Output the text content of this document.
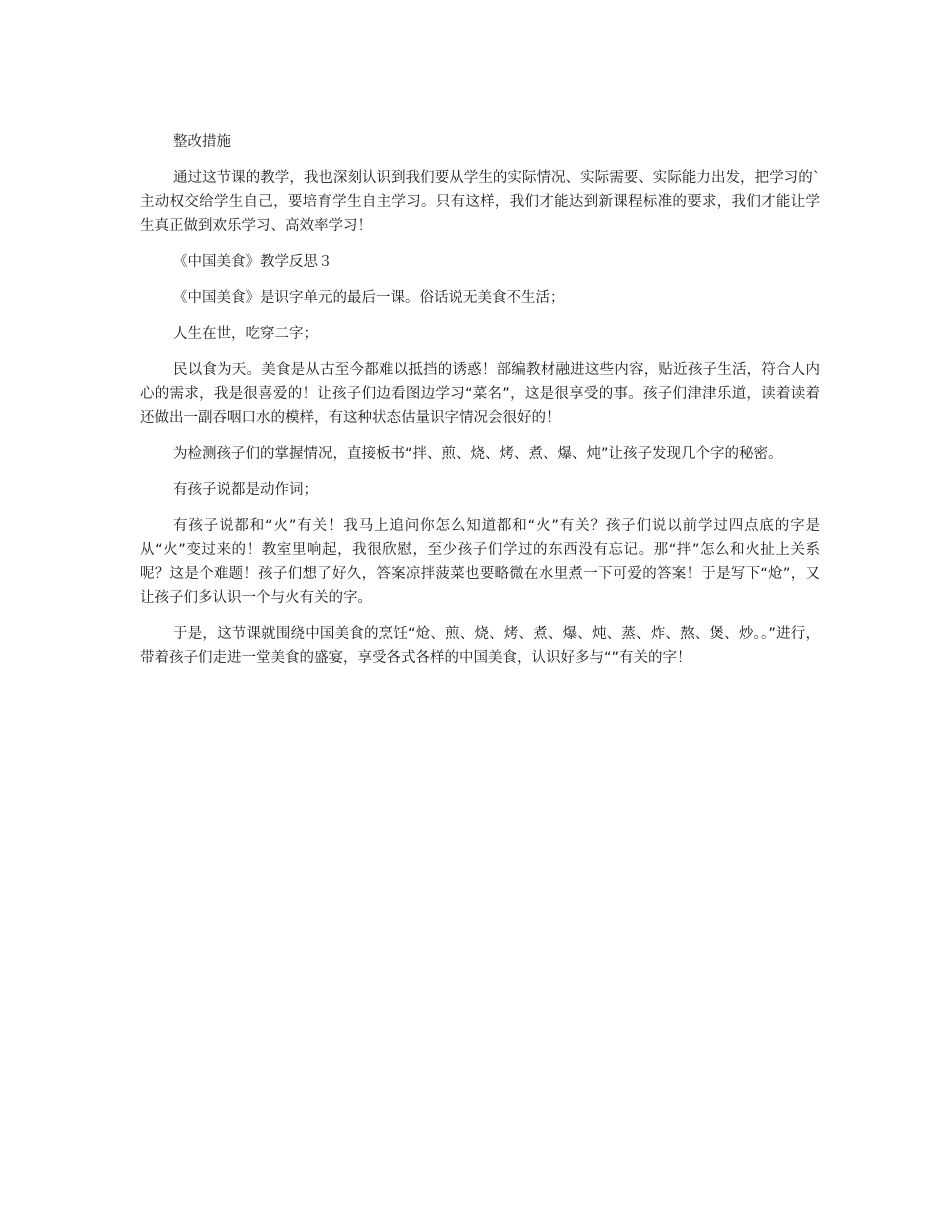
整改措施

通过这节课的教学，我也深刻认识到我们要从学生的实际情况、实际需要、实际能力出发，把学习的`主动权交给学生自己，要培育学生自主学习。只有这样，我们才能达到新课程标准的要求，我们才能让学生真正做到欢乐学习、高效率学习！

《中国美食》教学反思３

《中国美食》是识字单元的最后一课。俗话说无美食不生活；

人生在世，吃穿二字；

民以食为天。美食是从古至今都难以抵挡的诱惑！部编教材融进这些内容，贴近孩子生活，符合人内心的需求，我是很喜爱的！让孩子们边看图边学习“菜名”，这是很享受的事。孩子们津津乐道，读着读着还做出一副吞咽口水的模样，有这种状态估量识字情况会很好的！

为检测孩子们的掌握情况，直接板书“拌、煎、烧、烤、煮、爆、炖”让孩子发现几个字的秘密。

有孩子说都是动作词；

有孩子说都和“火”有关！我马上追问你怎么知道都和“火”有关？孩子们说以前学过四点底的字是从“火”变过来的！教室里响起，我很欣慰，至少孩子们学过的东西没有忘记。那“拌”怎么和火扯上关系呢？这是个难题！孩子们想了好久，答案凉拌菠菜也要略微在水里煮一下可爱的答案！于是写下“炝”，又让孩子们多认识一个与火有关的字。

于是，这节课就围绕中国美食的烹饪“炝、煎、烧、烤、煮、爆、炖、蒸、炸、熬、煲、炒。。”进行，带着孩子们走进一堂美食的盛宴，享受各式各样的中国美食，认识好多与“”有关的字！
